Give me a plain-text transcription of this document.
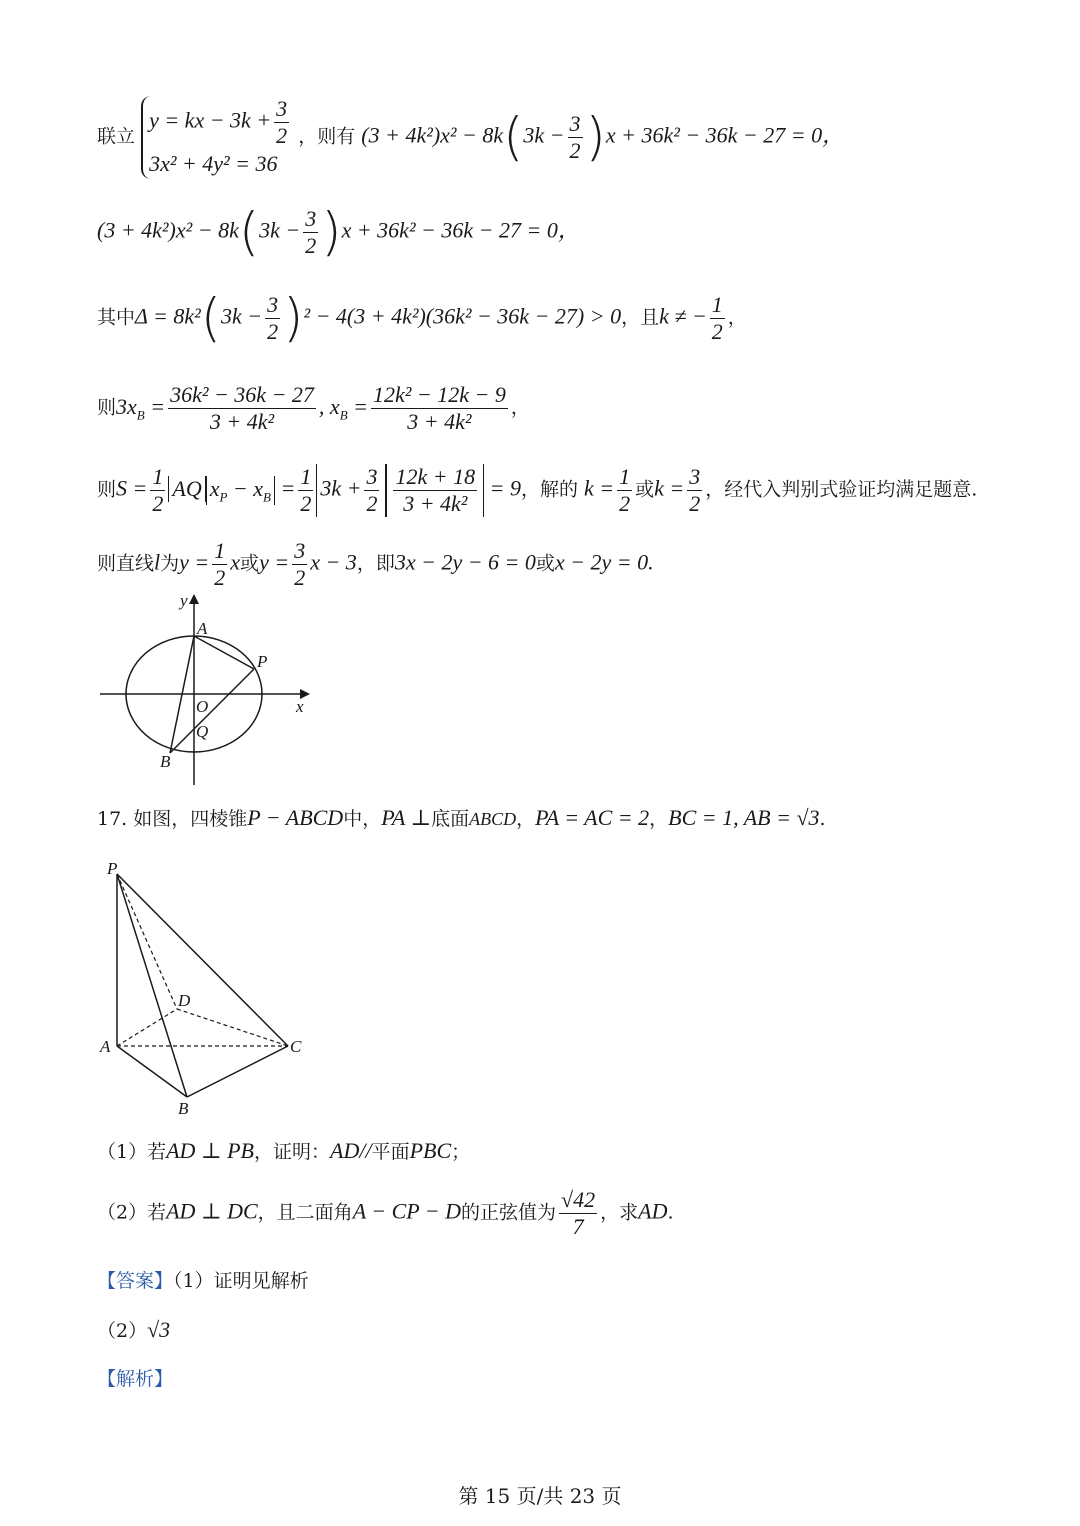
联立
y = kx − $3k + \frac{3}{2}$
3x² + 4y² = 36
，则有 $(3 + 4k^2)x^2 - 8k(3k - \frac{3}{2} )x + 36k^2 - 36k - 27 = 0$，
$(3 + 4k^2)x^2 - 8k(3k - \frac{3}{2} )x + 36k^2 - 36k - 27 = 0$，
其中$\Delta = 8k^2(3k - \frac{3}{2} )^2 - 4(3 + 4k^2)(36k^2 - 36k - 27) > 0$，且k ≠ − $\frac{1}{2}$ ，
则$3x_B = \frac{\text{36k² − 36k − 27}}{\text{3 + 4k²}}$ , $x_B = \frac{\text{12k² − 12k − 9}}{\text{3 + 4k²}}$ ，
则$S = \frac{1}{2}$ AQ $x_P - x_B = \frac{1}{2} 3k + \frac{3}{2} \frac{12k + 18}{\text{3 + 4k²}} = 9$，解的 $k = \frac{1}{2}$ 或$k = \frac{3}{2}$ ，经代入判别式验证均满足题意.
则直线l为$y = \frac{1}{2}$ x或$y = \frac{3}{2}$ x − 3，即3x − 2y − 6 = 0或x − 2y = 0.
y
x
A
P
O
Q
B
17. 如图，四棱锥P − ABCD中，PA ⊥底面ABCD，PA = AC = 2，BC = 1, AB = √3.
P
D
A	C
B
（1）若AD ⊥ PB，证明：AD//平面PBC；
（2）若AD ⊥ DC，且二面角A − CP − D的正弦值为 $\frac{√42}{7}$ ，求AD.
【答案】（1）证明见解析
（2）√3
【解析】
第 15 页/共 23 页
